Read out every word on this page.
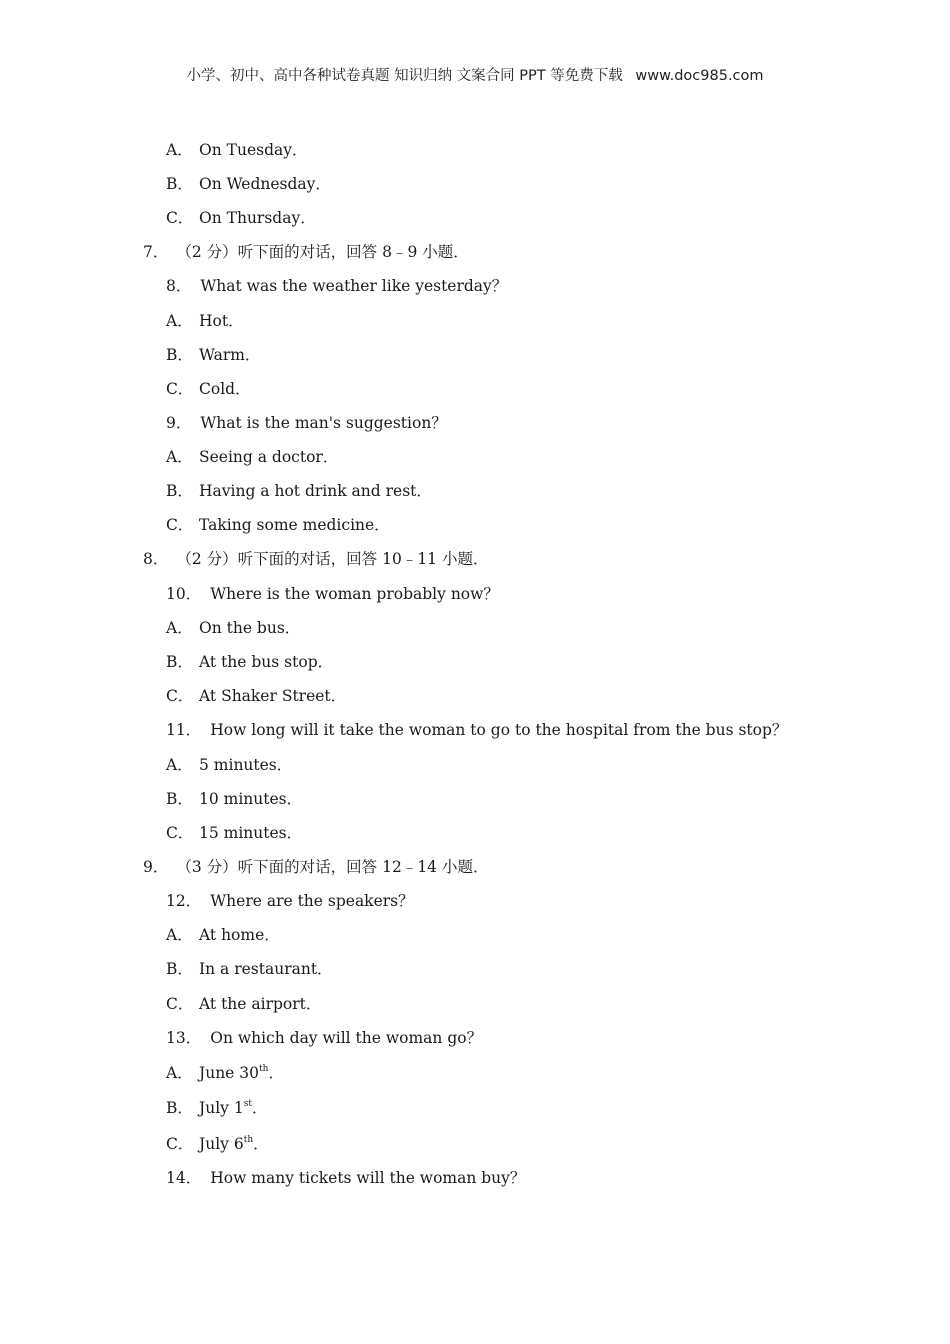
小学、初中、高中各种试卷真题 知识归纳 文案合同 PPT 等免费下载 www.doc985.com
A． On Tuesday．
B． On Wednesday．
C． On Thursday．
7． （2 分）听下面的对话，回答 8﹣9 小题．
8． What was the weather like yesterday？
A． Hot．
B． Warm．
C． Cold．
9． What is the man's suggestion？
A． Seeing a doctor．
B． Having a hot drink and rest．
C． Taking some medicine．
8． （2 分）听下面的对话，回答 10﹣11 小题．
10． Where is the woman probably now？
A． On the bus．
B． At the bus stop．
C． At Shaker Street．
11． How long will it take the woman to go to the hospital from the bus stop？
A． 5 minutes．
B． 10 minutes．
C． 15 minutes．
9． （3 分）听下面的对话，回答 12﹣14 小题．
12． Where are the speakers？
A． At home．
B． In a restaurant．
C． At the airport．
13． On which day will the woman go？
A． June 30th．
B． July 1st．
C． July 6th．
14． How many tickets will the woman buy？
